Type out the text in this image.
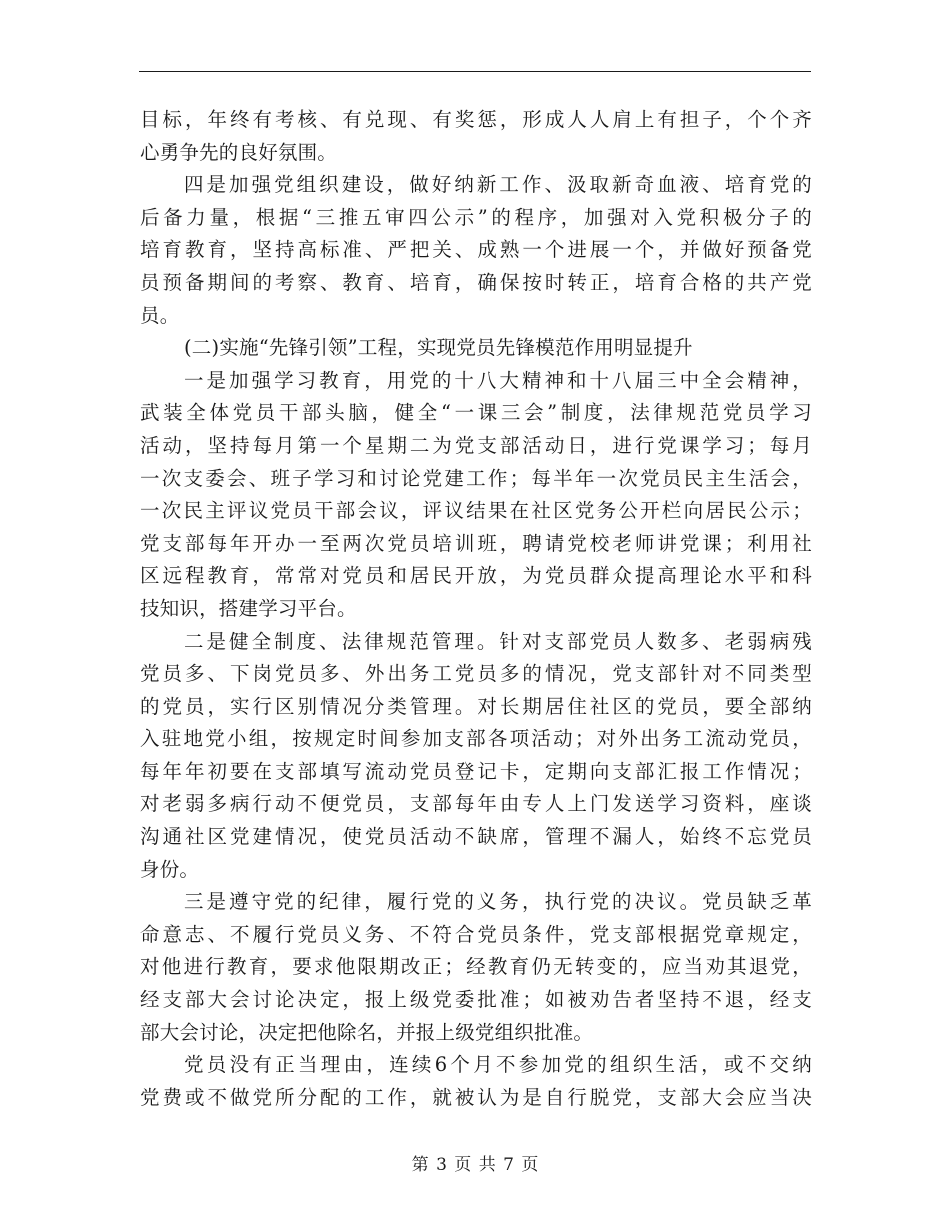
目标，年终有考核、有兑现、有奖惩，形成人人肩上有担子，个个齐
心勇争先的良好氛围。
四是加强党组织建设，做好纳新工作、汲取新奇血液、培育党的
后备力量，根据“三推五审四公示”的程序，加强对入党积极分子的
培育教育，坚持高标准、严把关、成熟一个进展一个，并做好预备党
员预备期间的考察、教育、培育，确保按时转正，培育合格的共产党
员。
(二)实施“先锋引领”工程，实现党员先锋模范作用明显提升
一是加强学习教育，用党的十八大精神和十八届三中全会精神，
武装全体党员干部头脑，健全“一课三会”制度，法律规范党员学习
活动，坚持每月第一个星期二为党支部活动日，进行党课学习；每月
一次支委会、班子学习和讨论党建工作；每半年一次党员民主生活会，
一次民主评议党员干部会议，评议结果在社区党务公开栏向居民公示；
党支部每年开办一至两次党员培训班，聘请党校老师讲党课；利用社
区远程教育，常常对党员和居民开放，为党员群众提高理论水平和科
技知识，搭建学习平台。
二是健全制度、法律规范管理。针对支部党员人数多、老弱病残
党员多、下岗党员多、外出务工党员多的情况，党支部针对不同类型
的党员，实行区别情况分类管理。对长期居住社区的党员，要全部纳
入驻地党小组，按规定时间参加支部各项活动；对外出务工流动党员，
每年年初要在支部填写流动党员登记卡，定期向支部汇报工作情况；
对老弱多病行动不便党员，支部每年由专人上门发送学习资料，座谈
沟通社区党建情况，使党员活动不缺席，管理不漏人，始终不忘党员
身份。
三是遵守党的纪律，履行党的义务，执行党的决议。党员缺乏革
命意志、不履行党员义务、不符合党员条件，党支部根据党章规定，
对他进行教育，要求他限期改正；经教育仍无转变的，应当劝其退党，
经支部大会讨论决定，报上级党委批准；如被劝告者坚持不退，经支
部大会讨论，决定把他除名，并报上级党组织批准。
党员没有正当理由，连续6个月不参加党的组织生活，或不交纳
党费或不做党所分配的工作，就被认为是自行脱党，支部大会应当决
第 3 页 共 7 页
